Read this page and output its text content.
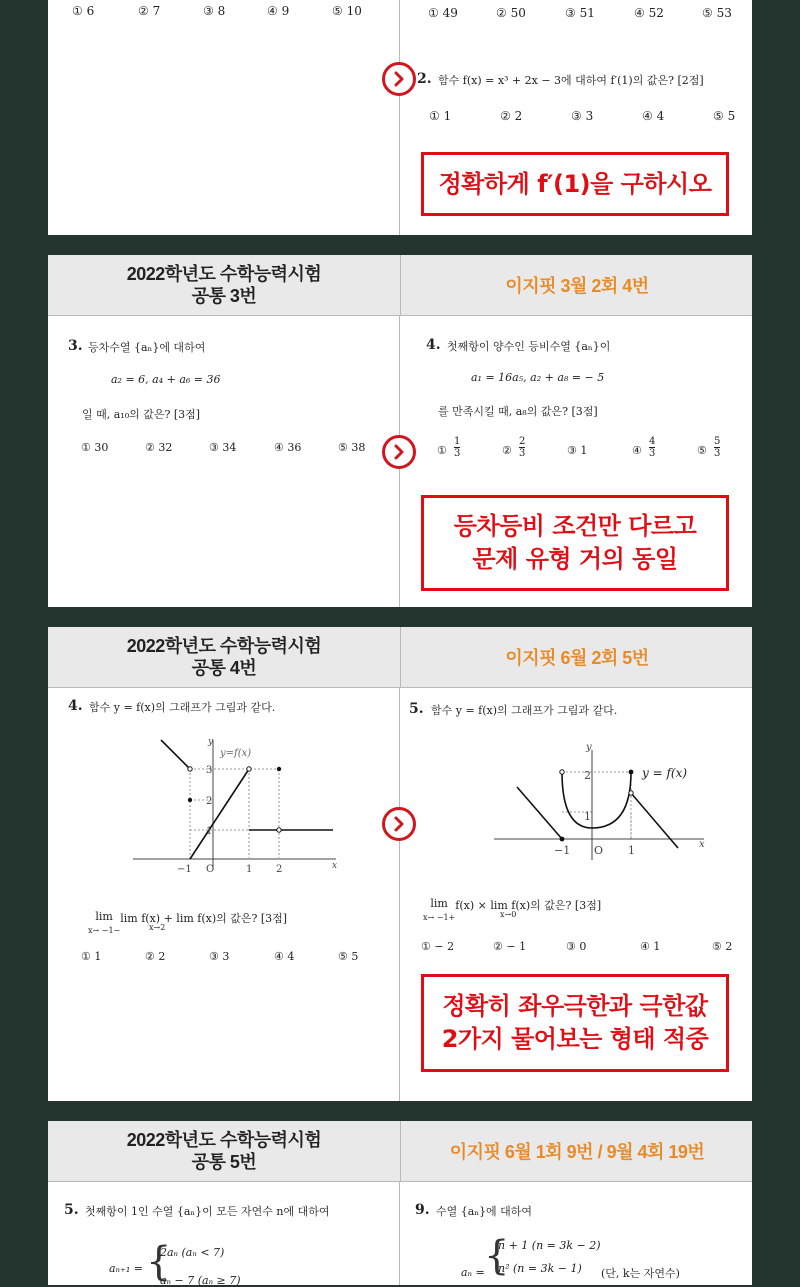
① 6	② 7	③ 8	④ 9	⑤ 10	① 49	② 50	③ 51	④ 52	⑤ 53
2. 함수 f(x) = x³ + 2x − 3에 대하여 f′(1)의 값은? [2점]
① 1	② 2	③ 3	④ 4	⑤ 5
정확하게 f′(1)을 구하시오
2022학년도 수학능력시험
공통 3번	이지핏 3월 2회 4번
3. 등차수열 {aₙ}에 대하여
a₂ = 6, a₄ + a₆ = 36
일 때, a₁₀의 값은? [3점]
① 30	② 32	③ 34	④ 36	⑤ 38
4. 첫째항이 양수인 등비수열 {aₙ}이
a₁ = 16a₅, a₂ + a₈ = − 5
를 만족시킬 때, a₈의 값은? [3점]
①
1
3	②
2
3	③ 1	④
4
3	⑤
5
3
등차등비 조건만 다르고
문제 유형 거의 동일
2022학년도 수학능력시험
공통 4번	이지핏 6월 2회 5번
4. 함수 y = f(x)의 그래프가 그림과 같다.
y=f(x)
y
x
O
−1	1 2
1
2
3
lim
x→ −1−lim f(x) + lim f(x)의 값은? [3점]
x→2
① 1	② 2	③ 3	④ 4	⑤ 5
5. 함수 y = f(x)의 그래프가 그림과 같다.
y = f(x)
y
x
O
−1	1
1
2
lim
x→ −1+f(x) × lim f(x)의 값은? [3점]
x→0
① − 2	② − 1	③ 0	④ 1	⑤ 2
정확히 좌우극한과 극한값
2가지 물어보는 형태 적중
2022학년도 수학능력시험
공통 5번	이지핏 6월 1회 9번 / 9월 4회 19번
5. 첫째항이 1인 수열 {aₙ}이 모든 자연수 n에 대하여
aₙ₊₁ = {
2aₙ (aₙ < 7)
aₙ − 7 (aₙ ≥ 7)
9. 수열 {aₙ}에 대하여
aₙ = {
n + 1 (n = 3k − 2)
n² (n = 3k − 1) (단, k는 자연수)
